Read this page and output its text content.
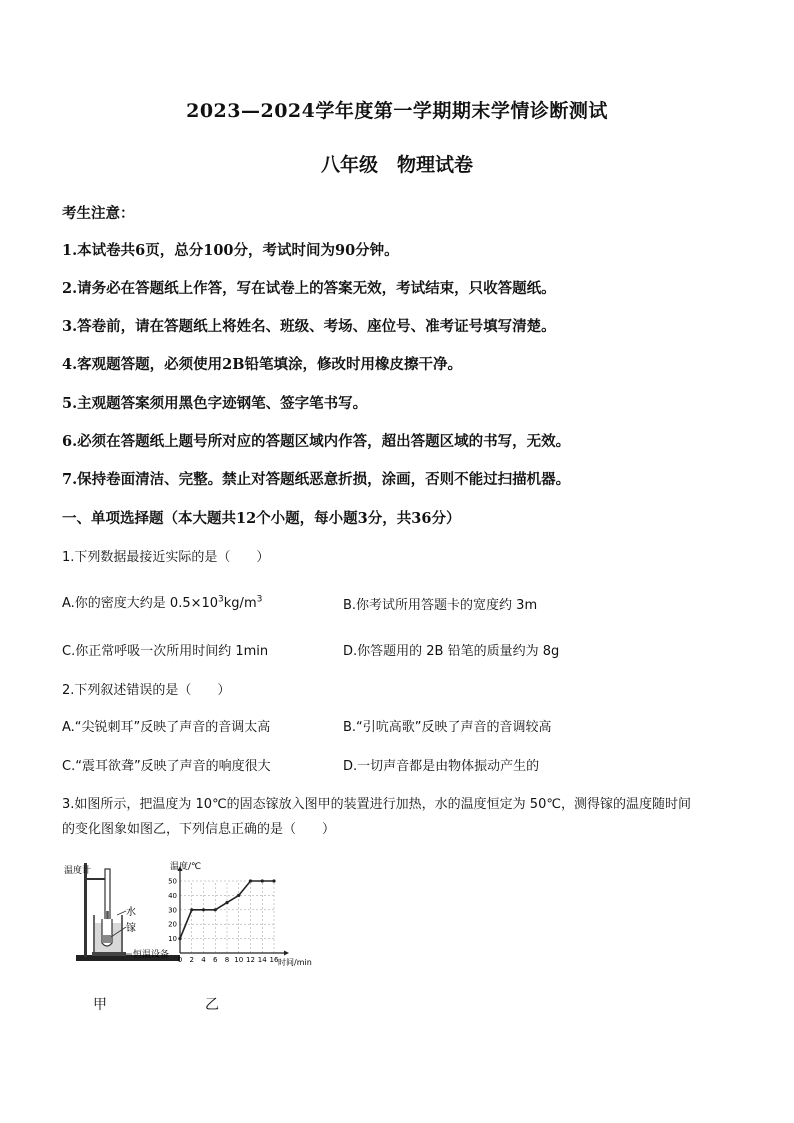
2023—2024学年度第一学期期末学情诊断测试
八年级　物理试卷
考生注意：
1.本试卷共6页，总分100分，考试时间为90分钟。
2.请务必在答题纸上作答，写在试卷上的答案无效，考试结束，只收答题纸。
3.答卷前，请在答题纸上将姓名、班级、考场、座位号、准考证号填写清楚。
4.客观题答题，必须使用2B铅笔填涂，修改时用橡皮擦干净。
5.主观题答案须用黑色字迹钢笔、签字笔书写。
6.必须在答题纸上题号所对应的答题区域内作答，超出答题区域的书写，无效。
7.保持卷面清洁、完整。禁止对答题纸恶意折损，涂画，否则不能过扫描机器。
一、单项选择题（本大题共12个小题，每小题3分，共36分）
1.下列数据最接近实际的是（　　）
A.你的密度大约是 $0.5\times 10^3kg/m^3$	B.你考试所用答题卡的宽度约 3m
C.你正常呼吸一次所用时间约 1min	D.你答题用的 2B 铅笔的质量约为 8g
2.下列叙述错误的是（　　）
A.“尖锐刺耳”反映了声音的音调太高	B.“引吭高歌”反映了声音的音调较高
C.“震耳欲聋”反映了声音的响度很大	D.一切声音都是由物体振动产生的
3.如图所示，把温度为 10℃的固态镓放入图甲的装置进行加热，水的温度恒定为 50℃，测得镓的温度随时间
的变化图象如图乙，下列信息正确的是（　　）
温度计
水
镓
恒温设备 0 2 4 6 8 10 12 14 16
10
20
30
40
50
温度/℃
时间/min
甲	乙
